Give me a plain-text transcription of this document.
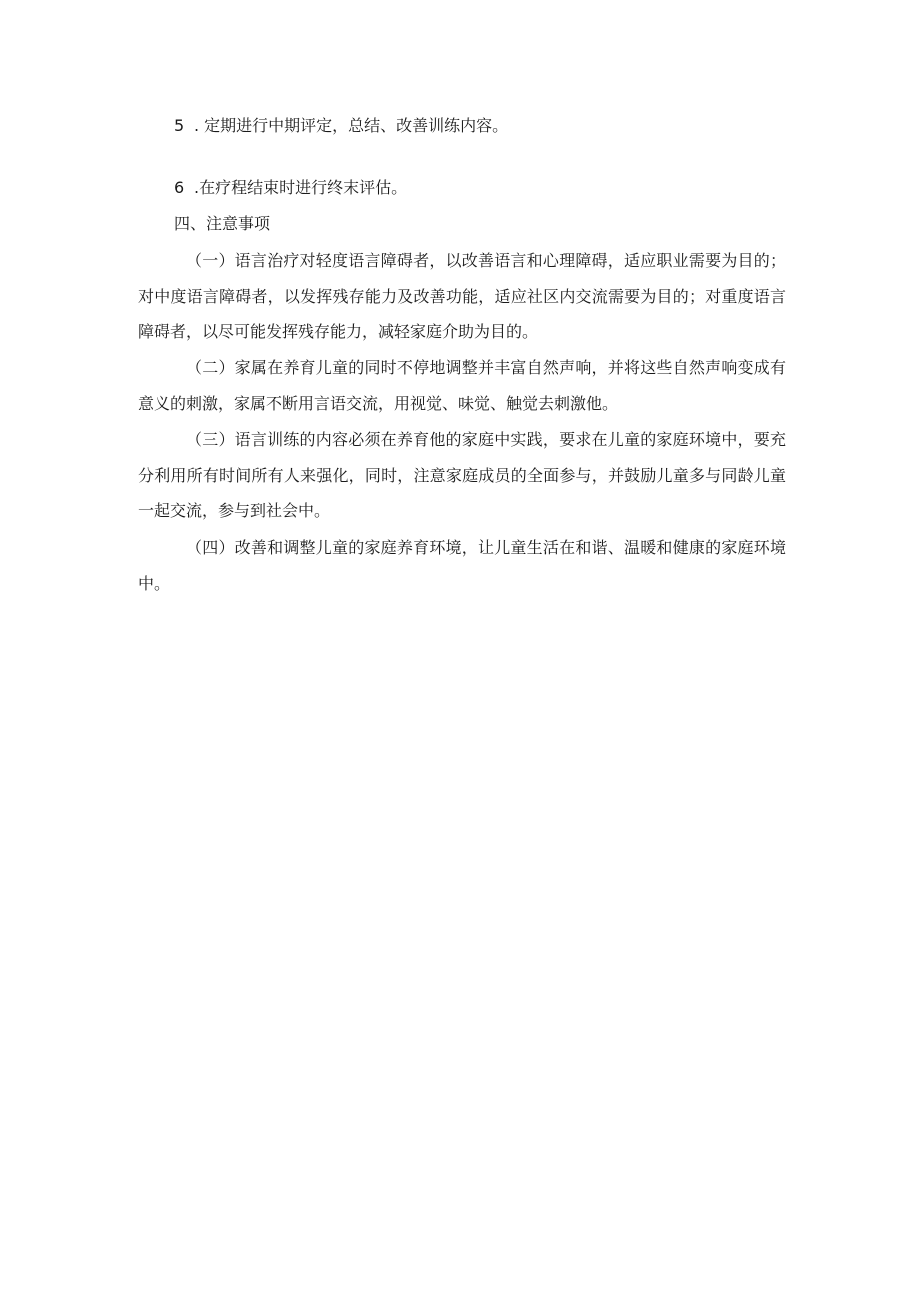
5 . 定期进行中期评定，总结、改善训练内容。
6 .在疗程结束时进行终末评估。
四、注意事项

（一）语言治疗对轻度语言障碍者，以改善语言和心理障碍，适应职业需要为目的；对中度语言障碍者，以发挥残存能力及改善功能，适应社区内交流需要为目的；对重度语言障碍者，以尽可能发挥残存能力，减轻家庭介助为目的。

（二）家属在养育儿童的同时不停地调整并丰富自然声响，并将这些自然声响变成有意义的刺激，家属不断用言语交流，用视觉、味觉、触觉去刺激他。

（三）语言训练的内容必须在养育他的家庭中实践，要求在儿童的家庭环境中，要充分利用所有时间所有人来强化，同时，注意家庭成员的全面参与，并鼓励儿童多与同龄儿童一起交流，参与到社会中。

（四）改善和调整儿童的家庭养育环境，让儿童生活在和谐、温暖和健康的家庭环境中。
